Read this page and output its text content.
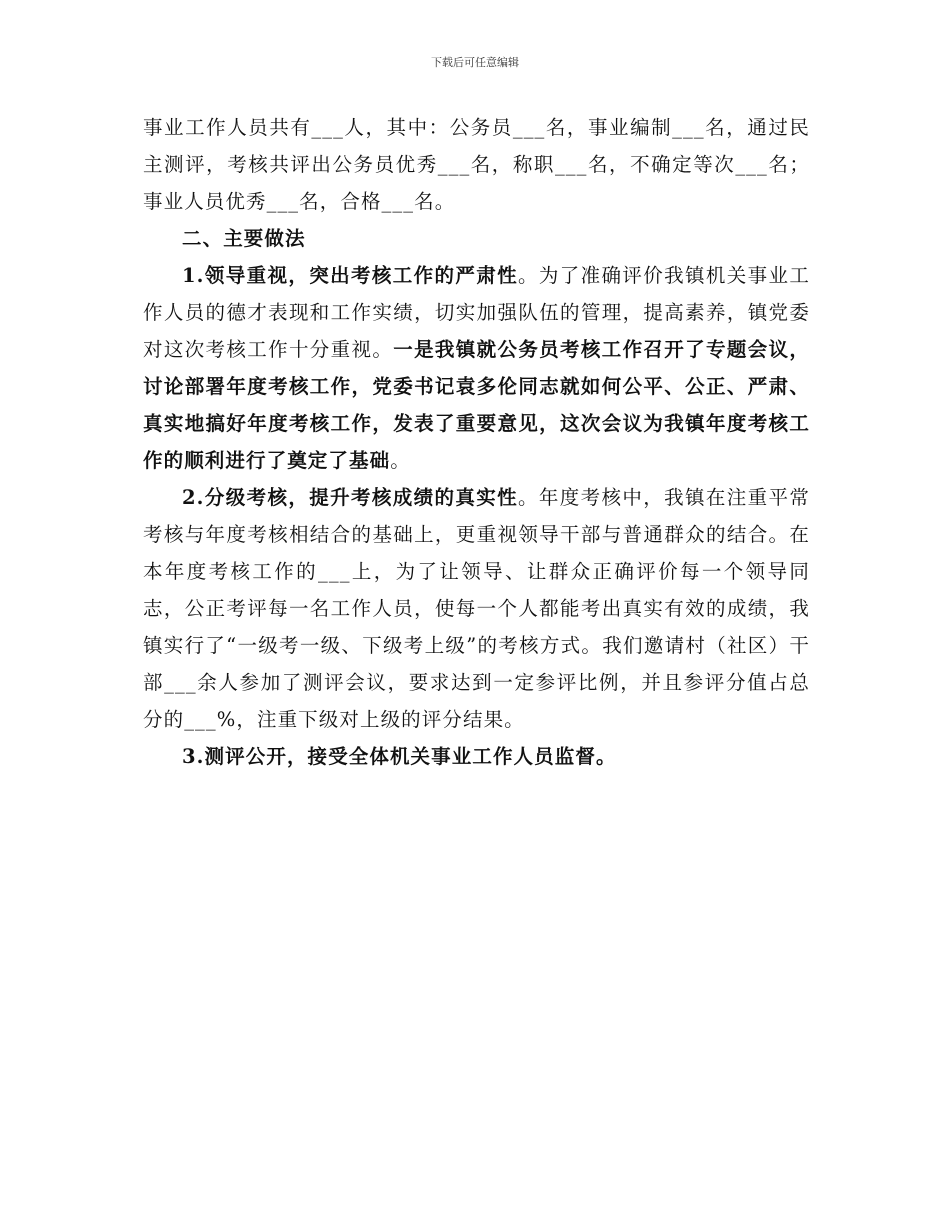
下载后可任意编辑

事业工作人员共有___人，其中：公务员___名，事业编制___名，通过民主测评，考核共评出公务员优秀___名，称职___名，不确定等次___名；事业人员优秀___名，合格___名。

二、主要做法

1.领导重视，突出考核工作的严肃性。为了准确评价我镇机关事业工作人员的德才表现和工作实绩，切实加强队伍的管理，提高素养，镇党委对这次考核工作十分重视。一是我镇就公务员考核工作召开了专题会议，讨论部署年度考核工作，党委书记袁多伦同志就如何公平、公正、严肃、真实地搞好年度考核工作，发表了重要意见，这次会议为我镇年度考核工作的顺利进行了奠定了基础。

2.分级考核，提升考核成绩的真实性。年度考核中，我镇在注重平常考核与年度考核相结合的基础上，更重视领导干部与普通群众的结合。在本年度考核工作的___上，为了让领导、让群众正确评价每一个领导同志，公正考评每一名工作人员，使每一个人都能考出真实有效的成绩，我镇实行了“一级考一级、下级考上级”的考核方式。我们邀请村（社区）干部___余人参加了测评会议，要求达到一定参评比例，并且参评分值占总分的___%，注重下级对上级的评分结果。

3.测评公开，接受全体机关事业工作人员监督。
